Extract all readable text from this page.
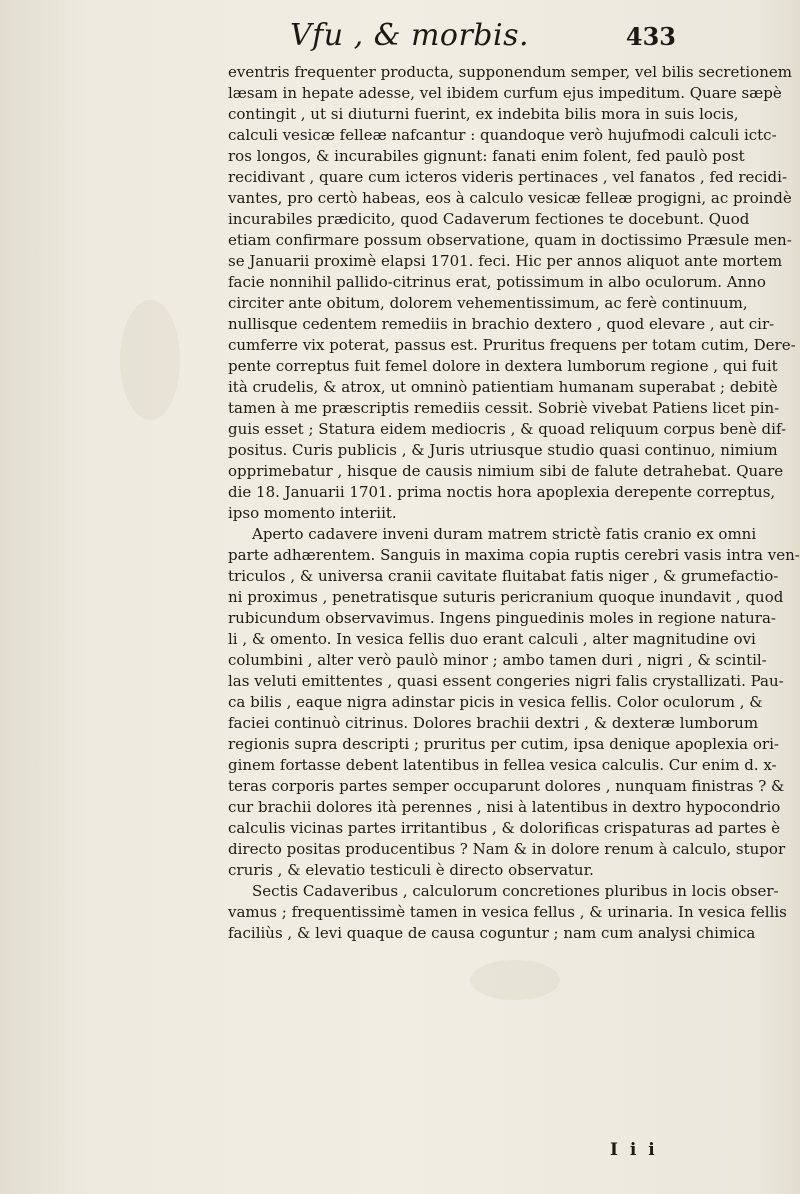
Vfu , & morbis.	433
eventris frequenter producta, supponendum semper, vel bilis secretionem
læsam in hepate adesse, vel ibidem curfum ejus impeditum. Quare sæpè
contingit , ut si diuturni fuerint, ex indebita bilis mora in suis locis,
calculi vesicæ felleæ nafcantur : quandoque verò hujufmodi calculi ictc-
ros longos, & incurabiles gignunt: fanati enim folent, fed paulò post
recidivant , quare cum icteros videris pertinaces , vel fanatos , fed recidi-
vantes, pro certò habeas, eos à calculo vesicæ felleæ progigni, ac proindè
incurabiles prædicito, quod Cadaverum fectiones te docebunt. Quod
etiam confirmare possum observatione, quam in doctissimo Præsule men-
se Januarii proximè elapsi 1701. feci. Hic per annos aliquot ante mortem
facie nonnihil pallido-citrinus erat, potissimum in albo oculorum. Anno
circiter ante obitum, dolorem vehementissimum, ac ferè continuum,
nullisque cedentem remediis in brachio dextero , quod elevare , aut cir-
cumferre vix poterat, passus est. Pruritus frequens per totam cutim, Dere-
pente correptus fuit femel dolore in dextera lumborum regione , qui fuit
ità crudelis, & atrox, ut omninò patientiam humanam superabat ; debitè
tamen à me præscriptis remediis cessit. Sobriè vivebat Patiens licet pin-
guis esset ; Statura eidem mediocris , & quoad reliquum corpus benè dif-
positus. Curis publicis , & Juris utriusque studio quasi continuo, nimium
opprimebatur , hisque de causis nimium sibi de falute detrahebat. Quare
die 18. Januarii 1701. prima noctis hora apoplexia derepente correptus,
ipso momento interiit.
Aperto cadavere inveni duram matrem strictè fatis cranio ex omni
parte adhærentem. Sanguis in maxima copia ruptis cerebri vasis intra ven-
triculos , & universa cranii cavitate fluitabat fatis niger , & grumefactio-
ni proximus , penetratisque suturis pericranium quoque inundavit , quod
rubicundum observavimus. Ingens pinguedinis moles in regione natura-
li , & omento. In vesica fellis duo erant calculi , alter magnitudine ovi
columbini , alter verò paulò minor ; ambo tamen duri , nigri , & scintil-
las veluti emittentes , quasi essent congeries nigri falis crystallizati. Pau-
ca bilis , eaque nigra adinstar picis in vesica fellis. Color oculorum , &
faciei continuò citrinus. Dolores brachii dextri , & dexteræ lumborum
regionis supra descripti ; pruritus per cutim, ipsa denique apoplexia ori-
ginem fortasse debent latentibus in fellea vesica calculis. Cur enim d. x-
teras corporis partes semper occuparunt dolores , nunquam finistras ? &
cur brachii dolores ità perennes , nisi à latentibus in dextro hypocondrio
calculis vicinas partes irritantibus , & dolorificas crispaturas ad partes è
directo positas producentibus ? Nam & in dolore renum à calculo, stupor
cruris , & elevatio testiculi è directo observatur.
Sectis Cadaveribus , calculorum concretiones pluribus in locis obser-
vamus ; frequentissimè tamen in vesica fellus , & urinaria. In vesica fellis
faciliùs , & levi quaque de causa coguntur ; nam cum analysi chimica
I i i
